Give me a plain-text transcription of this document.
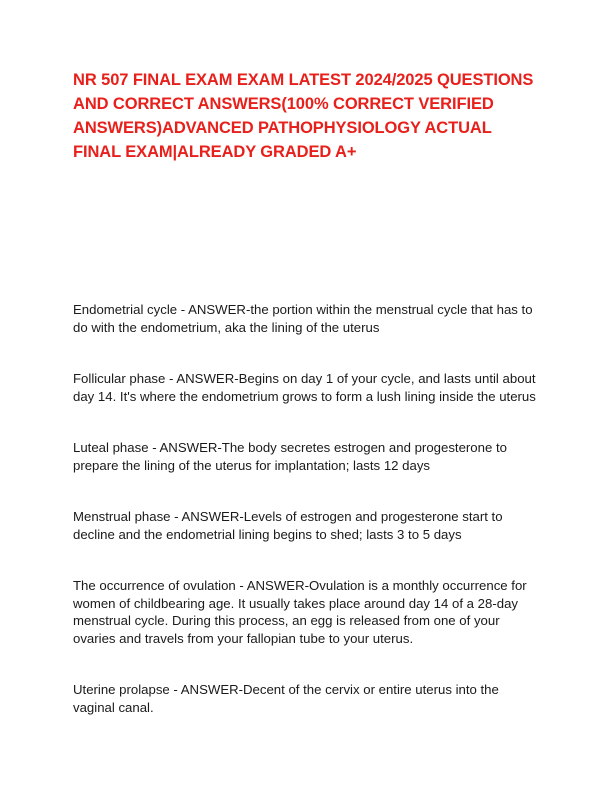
NR 507 FINAL EXAM EXAM LATEST 2024/2025 QUESTIONS AND CORRECT ANSWERS(100% CORRECT VERIFIED ANSWERS)ADVANCED PATHOPHYSIOLOGY ACTUAL FINAL EXAM|ALREADY GRADED A+
Endometrial cycle - ANSWER-the portion within the menstrual cycle that has to do with the endometrium, aka the lining of the uterus
Follicular phase - ANSWER-Begins on day 1 of your cycle, and lasts until about day 14. It's where the endometrium grows to form a lush lining inside the uterus
Luteal phase - ANSWER-The body secretes estrogen and progesterone to prepare the lining of the uterus for implantation; lasts 12 days
Menstrual phase - ANSWER-Levels of estrogen and progesterone start to decline and the endometrial lining begins to shed; lasts 3 to 5 days
The occurrence of ovulation - ANSWER-Ovulation is a monthly occurrence for women of childbearing age. It usually takes place around day 14 of a 28-day menstrual cycle. During this process, an egg is released from one of your ovaries and travels from your fallopian tube to your uterus.
Uterine prolapse - ANSWER-Decent of the cervix or entire uterus into the vaginal canal.
